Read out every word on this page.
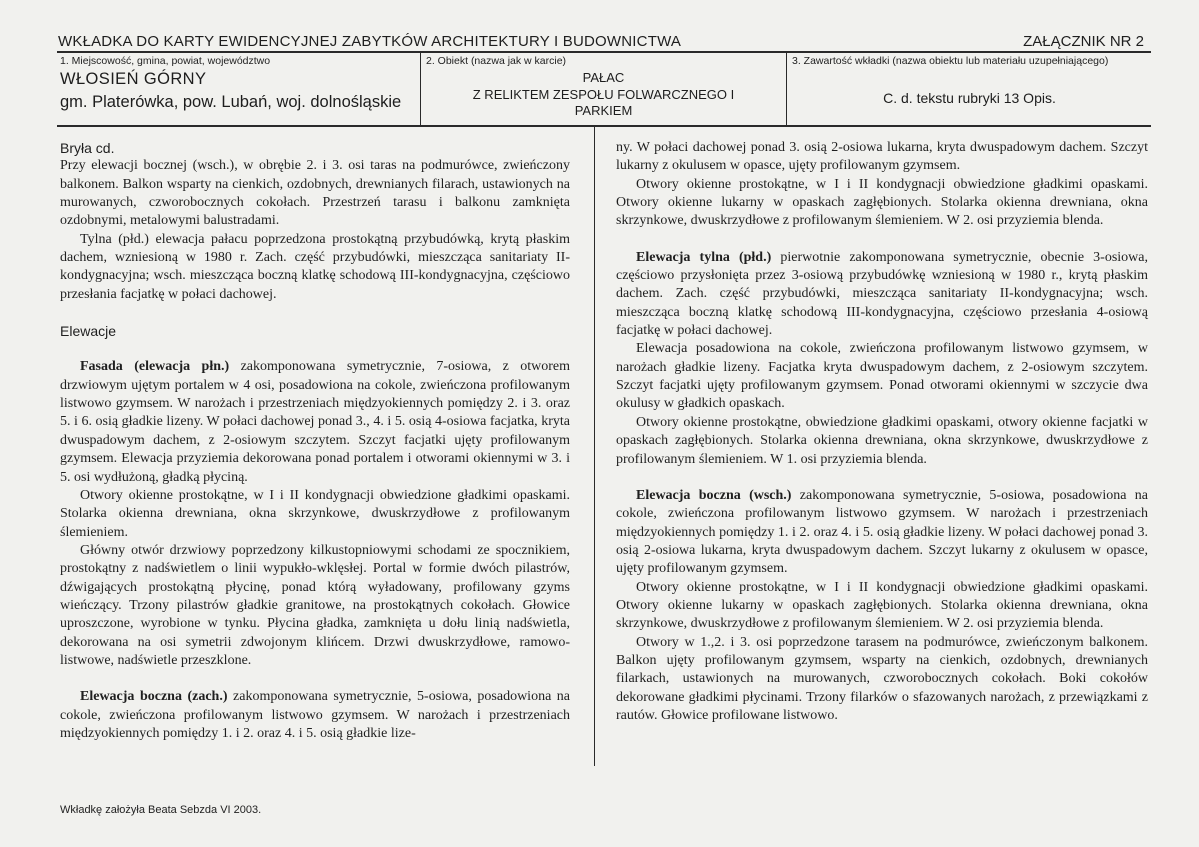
WKŁADKA DO KARTY EWIDENCYJNEJ ZABYTKÓW ARCHITEKTURY I BUDOWNICTWA	ZAŁĄCZNIK NR 2
1. Miejscowość, gmina, powiat, województwo
WŁOSIEŃ GÓRNY
gm. Platerówka, pow. Lubań, woj. dolnośląskie
2. Obiekt (nazwa jak w karcie)
PAŁAC
Z RELIKTEM ZESPOŁU FOLWARCZNEGO I
PARKIEM
3. Zawartość wkładki (nazwa obiektu lub materiału uzupełniającego)
C. d. tekstu rubryki 13 Opis.
Bryła cd.

Przy elewacji bocznej (wsch.), w obrębie 2. i 3. osi taras na podmurówce, zwieńczony balkonem. Balkon wsparty na cienkich, ozdobnych, drewnianych filarach, ustawionych na murowanych, czworobocznych cokołach. Przestrzeń tarasu i balkonu zamknięta ozdobnymi, metalowymi balustradami.

Tylna (płd.) elewacja pałacu poprzedzona prostokątną przybudówką, krytą płaskim dachem, wzniesioną w 1980 r. Zach. część przybudówki, mieszcząca sanitariaty II-kondygnacyjna; wsch. mieszcząca boczną klatkę schodową III-kondygnacyjna, częściowo przesłania facjatkę w połaci dachowej.

Elewacje

Fasada (elewacja płn.) zakomponowana symetrycznie, 7-osiowa, z otworem drzwiowym ujętym portalem w 4 osi, posadowiona na cokole, zwieńczona profilowanym listwowo gzymsem. W narożach i przestrzeniach międzyokiennych pomiędzy 2. i 3. oraz 5. i 6. osią gładkie lizeny. W połaci dachowej ponad 3., 4. i 5. osią 4-osiowa facjatka, kryta dwuspadowym dachem, z 2-osiowym szczytem. Szczyt facjatki ujęty profilowanym gzymsem. Elewacja przyziemia dekorowana ponad portalem i otworami okiennymi w 3. i 5. osi wydłużoną, gładką płyciną.

Otwory okienne prostokątne, w I i II kondygnacji obwiedzione gładkimi opaskami. Stolarka okienna drewniana, okna skrzynkowe, dwuskrzydłowe z profilowanym ślemieniem.

Główny otwór drzwiowy poprzedzony kilkustopniowymi schodami ze spocznikiem, prostokątny z nadświetlem o linii wypukło-wklęsłej. Portal w formie dwóch pilastrów, dźwigających prostokątną płycinę, ponad którą wyładowany, profilowany gzyms wieńczący. Trzony pilastrów gładkie granitowe, na prostokątnych cokołach. Głowice uproszczone, wyrobione w tynku. Płycina gładka, zamknięta u dołu linią nadświetla, dekorowana na osi symetrii zdwojonym klińcem. Drzwi dwuskrzydłowe, ramowo-listwowe, nadświetle przeszklone.

Elewacja boczna (zach.) zakomponowana symetrycznie, 5-osiowa, posadowiona na cokole, zwieńczona profilowanym listwowo gzymsem. W narożach i przestrzeniach międzyokiennych pomiędzy 1. i 2. oraz 4. i 5. osią gładkie lize-

ny. W połaci dachowej ponad 3. osią 2-osiowa lukarna, kryta dwuspadowym dachem. Szczyt lukarny z okulusem w opasce, ujęty profilowanym gzymsem.

Otwory okienne prostokątne, w I i II kondygnacji obwiedzione gładkimi opaskami. Otwory okienne lukarny w opaskach zagłębionych. Stolarka okienna drewniana, okna skrzynkowe, dwuskrzydłowe z profilowanym ślemieniem. W 2. osi przyziemia blenda.

Elewacja tylna (płd.) pierwotnie zakomponowana symetrycznie, obecnie 3-osiowa, częściowo przysłonięta przez 3-osiową przybudówkę wzniesioną w 1980 r., krytą płaskim dachem. Zach. część przybudówki, mieszcząca sanitariaty II-kondygnacyjna; wsch. mieszcząca boczną klatkę schodową III-kondygnacyjna, częściowo przesłania 4-osiową facjatkę w połaci dachowej.

Elewacja posadowiona na cokole, zwieńczona profilowanym listwowo gzymsem, w narożach gładkie lizeny. Facjatka kryta dwuspadowym dachem, z 2-osiowym szczytem. Szczyt facjatki ujęty profilowanym gzymsem. Ponad otworami okiennymi w szczycie dwa okulusy w gładkich opaskach.

Otwory okienne prostokątne, obwiedzione gładkimi opaskami, otwory okienne facjatki w opaskach zagłębionych. Stolarka okienna drewniana, okna skrzynkowe, dwuskrzydłowe z profilowanym ślemieniem. W 1. osi przyziemia blenda.

Elewacja boczna (wsch.) zakomponowana symetrycznie, 5-osiowa, posadowiona na cokole, zwieńczona profilowanym listwowo gzymsem. W narożach i przestrzeniach międzyokiennych pomiędzy 1. i 2. oraz 4. i 5. osią gładkie lizeny. W połaci dachowej ponad 3. osią 2-osiowa lukarna, kryta dwuspadowym dachem. Szczyt lukarny z okulusem w opasce, ujęty profilowanym gzymsem.

Otwory okienne prostokątne, w I i II kondygnacji obwiedzione gładkimi opaskami. Otwory okienne lukarny w opaskach zagłębionych. Stolarka okienna drewniana, okna skrzynkowe, dwuskrzydłowe z profilowanym ślemieniem. W 2. osi przyziemia blenda.

Otwory w 1.,2. i 3. osi poprzedzone tarasem na podmurówce, zwieńczonym balkonem. Balkon ujęty profilowanym gzymsem, wsparty na cienkich, ozdobnych, drewnianych filarkach, ustawionych na murowanych, czworobocznych cokołach. Boki cokołów dekorowane gładkimi płycinami. Trzony filarków o sfazowanych narożach, z przewiązkami z rautów. Głowice profilowane listwowo.

Wkładkę założyła Beata Sebzda VI 2003.
